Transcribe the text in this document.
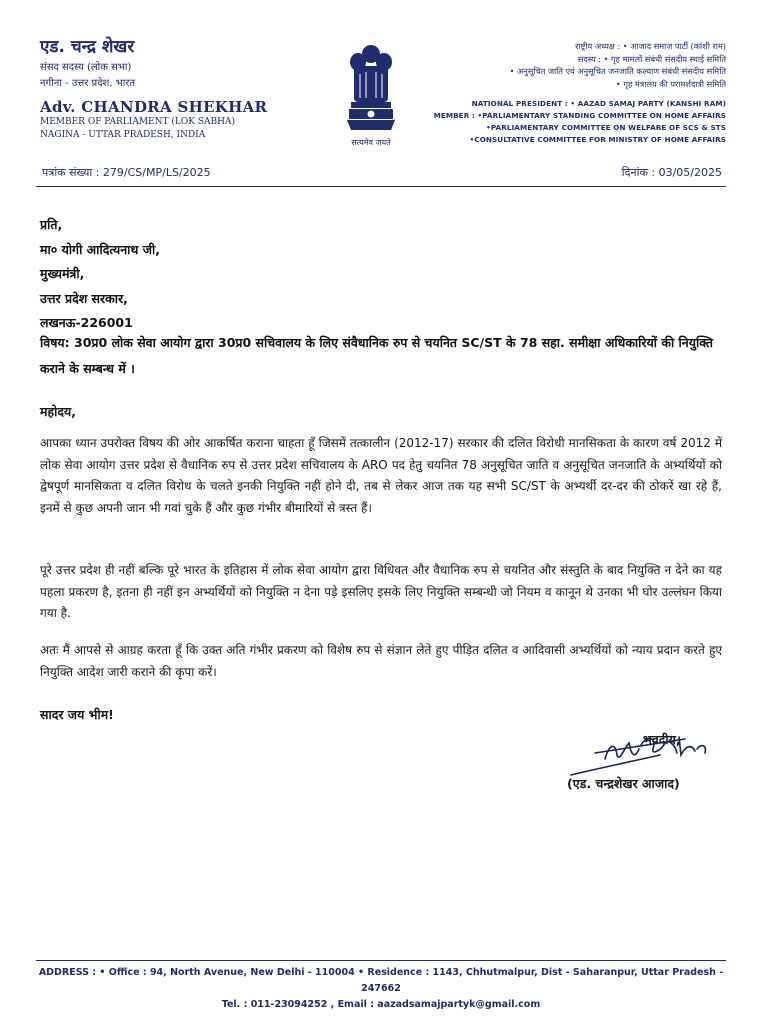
एड. चन्द्र शेखर
संसद सदस्य (लोक सभा)
नगीना - उत्तर प्रदेश, भारत
Adv. CHANDRA SHEKHAR
MEMBER OF PARLIAMENT (LOK SABHA)
NAGINA - UTTAR PRADESH, INDIA
सत्यमेव जयते
राष्ट्रीय अध्यक्ष : • आजाद समाज पार्टी (कांशी राम)
सदस्य : • गृह मामलों संबंधी संसदीय स्थाई समिति
• अनुसूचित जाति एवं अनुसूचित जनजाति कल्याण संबंधी संसदीय समिति
• गृह मंत्रालय की परामर्शदात्री समिति
NATIONAL PRESIDENT : • AAZAD SAMAJ PARTY (KANSHI RAM)
MEMBER : •PARLIAMENTARY STANDING COMMITTEE ON HOME AFFAIRS
•PARLIAMENTARY COMMITTEE ON WELFARE OF SCS & STS
•CONSULTATIVE COMMITTEE FOR MINISTRY OF HOME AFFAIRS
पत्रांक संख्या : 279/CS/MP/LS/2025	दिनांक : 03/05/2025
प्रति,
मा० योगी आदित्यनाथ जी,
मुख्यमंत्री,
उत्तर प्रदेश सरकार,
लखनऊ-226001
विषय: 30प्र0 लोक सेवा आयोग द्वारा 30प्र0 सचिवालय के लिए संवैधानिक रुप से चयनित SC/ST के 78 सहा. समीक्षा अधिकारियों की नियुक्ति कराने के सम्बन्ध में ।
महोदय,
आपका ध्यान उपरोक्त विषय की ओर आकर्षित कराना चाहता हूँ जिसमें तत्कालीन (2012-17) सरकार की दलित विरोधी मानसिकता के कारण वर्ष 2012 में लोक सेवा आयोग उत्तर प्रदेश से वैधानिक रुप से उत्तर प्रदेश सचिवालय के ARO पद हेतु चयनित 78 अनुसूचित जाति व अनुसूचित जनजाति के अभ्यर्थियों को द्वेषपूर्ण मानसिकता व दलित विरोध के चलते इनकी नियुक्ति नहीं होने दी, तब से लेकर आज तक यह सभी SC/ST के अभ्यर्थी दर-दर की ठोकरें खा रहे हैं, इनमें से कुछ अपनी जान भी गवां चुके हैं और कुछ गंभीर बीमारियों से त्रस्त हैं।
पूरे उत्तर प्रदेश ही नहीं बल्कि पूरे भारत के इतिहास में लोक सेवा आयोग द्वारा विधिवत और वैधानिक रुप से चयनित और संस्तुति के बाद नियुक्ति न देने का यह पहला प्रकरण है, इतना ही नहीं इन अभ्यर्थियों को नियुक्ति न देना पड़े इसलिए इसके लिए नियुक्ति सम्बन्धी जो नियम व कानून थे उनका भी घोर उल्लंघन किया गया है.
अतः मैं आपसे से आग्रह करता हूँ कि उक्त अति गंभीर प्रकरण को विशेष रुप से संज्ञान लेते हुए पीड़ित दलित व आदिवासी अभ्यर्थियों को न्याय प्रदान करते हुए नियुक्ति आदेश जारी कराने की कृपा करें।
सादर जय भीम!
भवदीय,
(एड. चन्द्रशेखर आजाद)
ADDRESS : • Office : 94, North Avenue, New Delhi - 110004 • Residence : 1143, Chhutmalpur, Dist - Saharanpur, Uttar Pradesh - 247662
Tel. : 011-23094252 , Email : aazadsamajpartyk@gmail.com
